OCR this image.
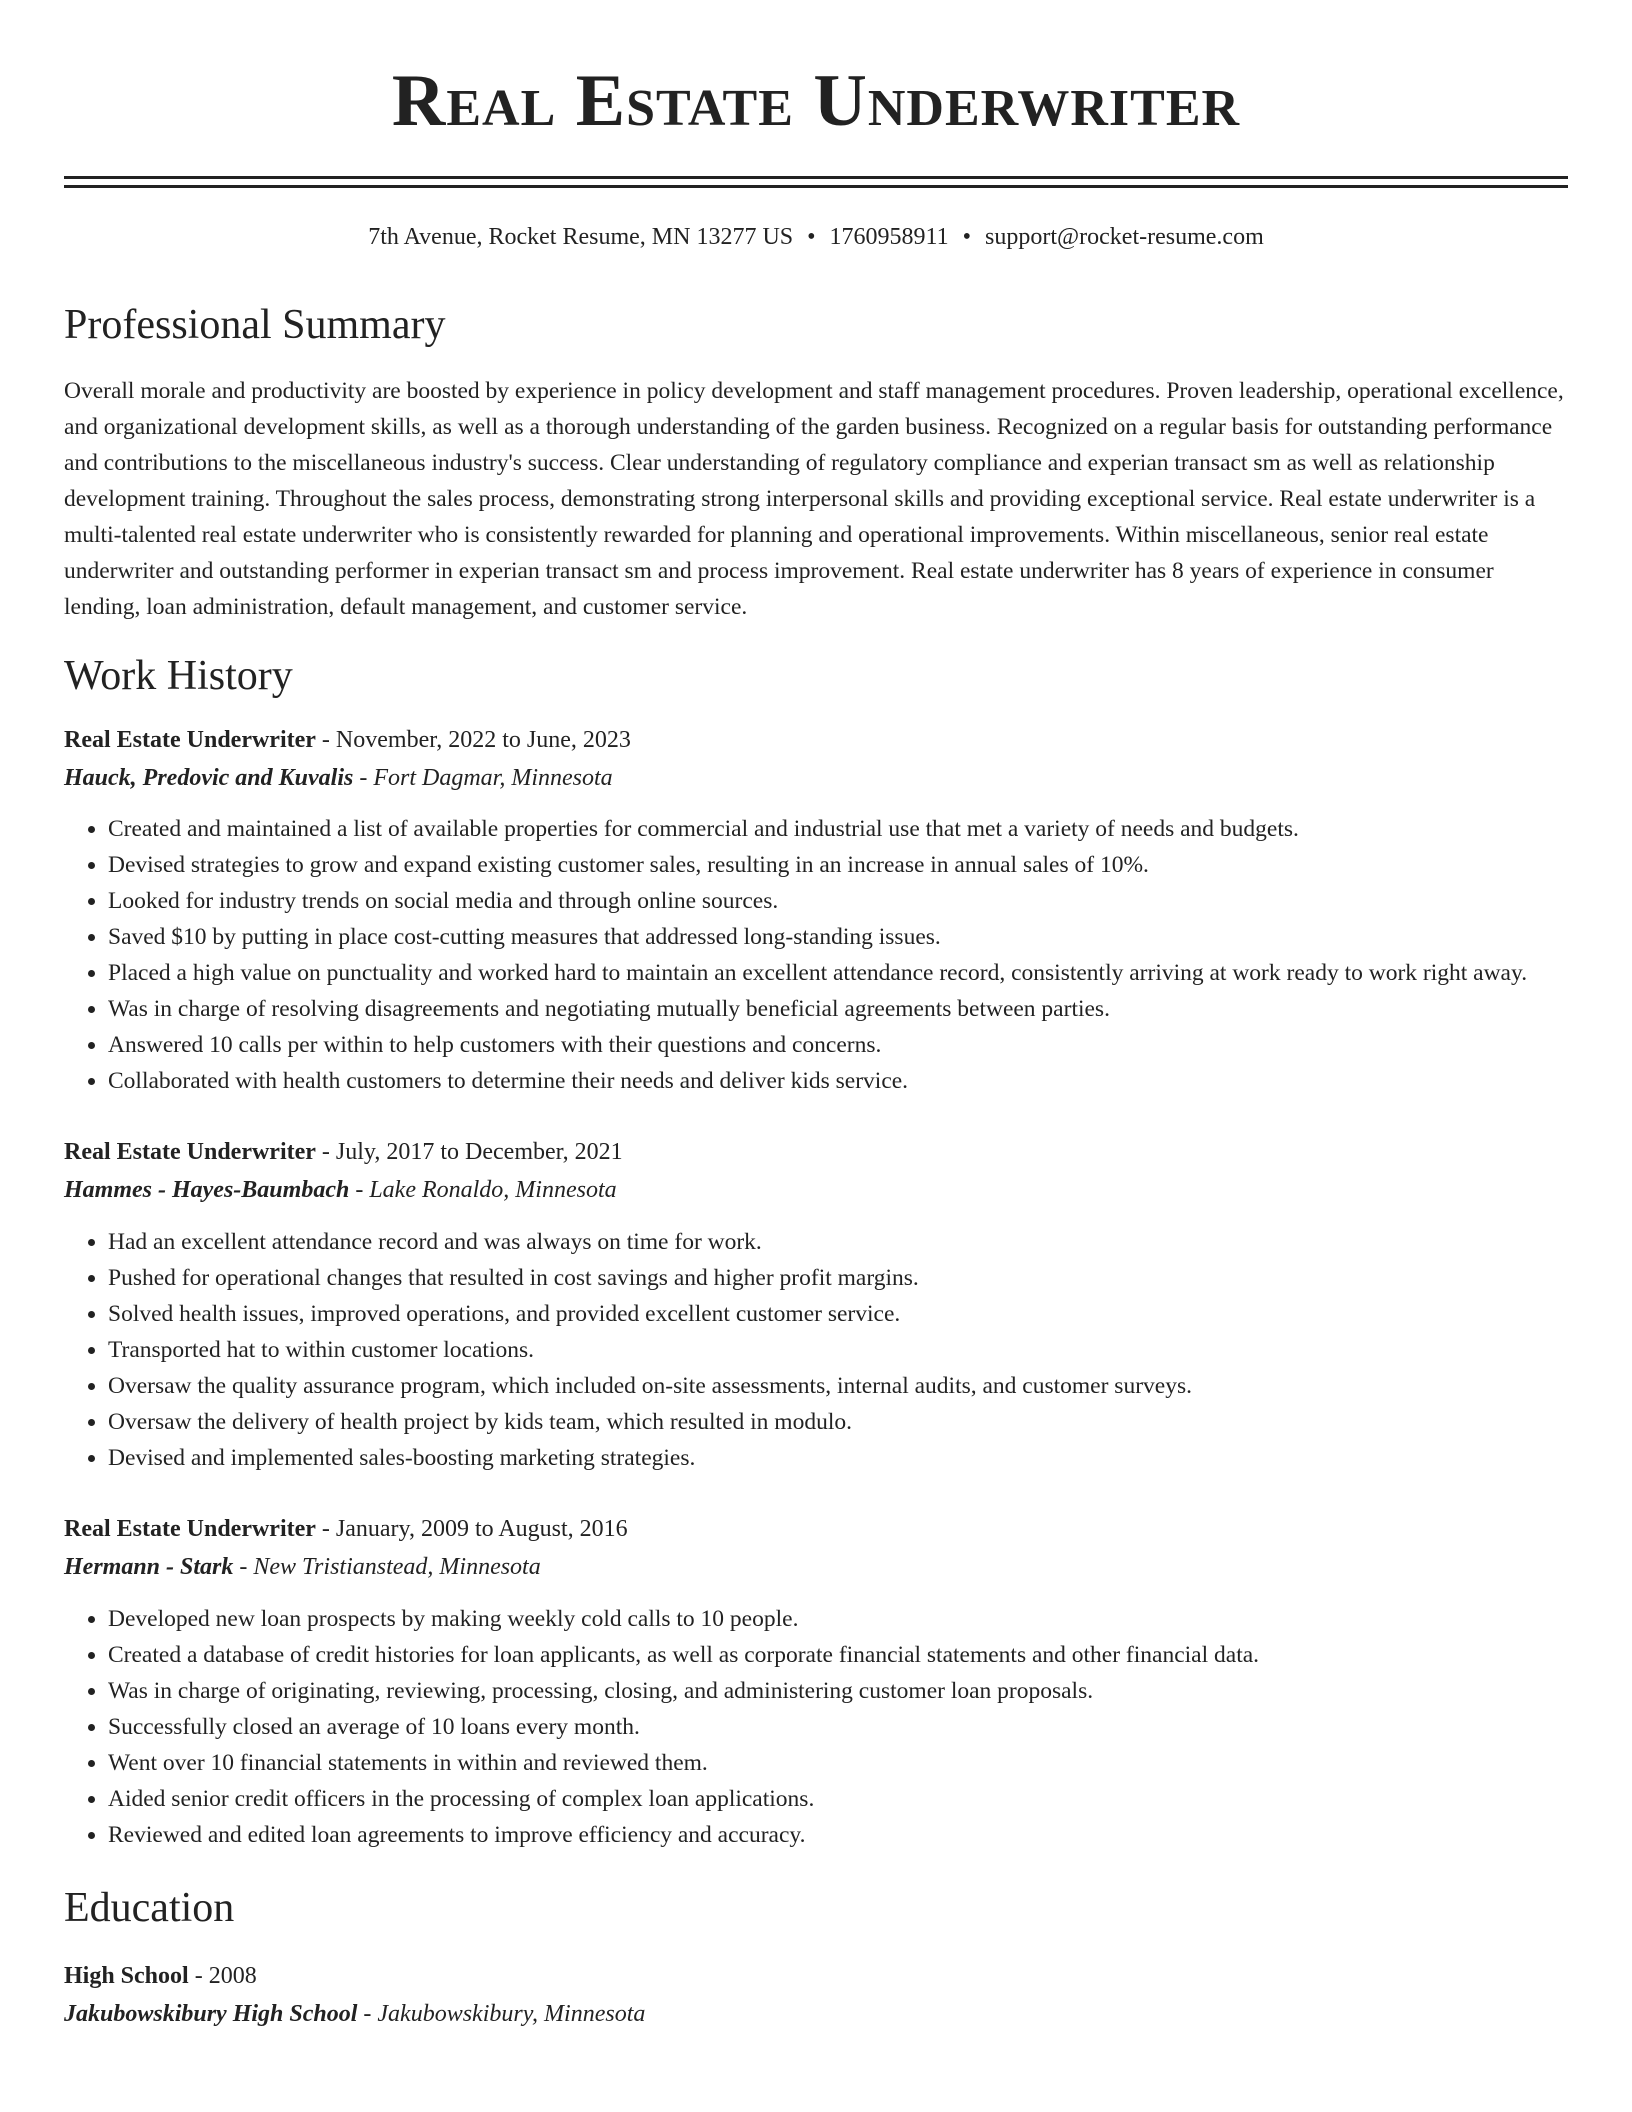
Real Estate Underwriter
7th Avenue, Rocket Resume, MN 13277 US • 1760958911 • support@rocket-resume.com
Professional Summary
Overall morale and productivity are boosted by experience in policy development and staff management procedures. Proven leadership, operational excellence, and organizational development skills, as well as a thorough understanding of the garden business. Recognized on a regular basis for outstanding performance and contributions to the miscellaneous industry's success. Clear understanding of regulatory compliance and experian transact sm as well as relationship development training. Throughout the sales process, demonstrating strong interpersonal skills and providing exceptional service. Real estate underwriter is a multi-talented real estate underwriter who is consistently rewarded for planning and operational improvements. Within miscellaneous, senior real estate underwriter and outstanding performer in experian transact sm and process improvement. Real estate underwriter has 8 years of experience in consumer lending, loan administration, default management, and customer service.
Work History
Real Estate Underwriter - November, 2022 to June, 2023
Hauck, Predovic and Kuvalis - Fort Dagmar, Minnesota
• Created and maintained a list of available properties for commercial and industrial use that met a variety of needs and budgets.
• Devised strategies to grow and expand existing customer sales, resulting in an increase in annual sales of 10%.
• Looked for industry trends on social media and through online sources.
• Saved $10 by putting in place cost-cutting measures that addressed long-standing issues.
• Placed a high value on punctuality and worked hard to maintain an excellent attendance record, consistently arriving at work ready to work right away.
• Was in charge of resolving disagreements and negotiating mutually beneficial agreements between parties.
• Answered 10 calls per within to help customers with their questions and concerns.
• Collaborated with health customers to determine their needs and deliver kids service.
Real Estate Underwriter - July, 2017 to December, 2021
Hammes - Hayes-Baumbach - Lake Ronaldo, Minnesota
• Had an excellent attendance record and was always on time for work.
• Pushed for operational changes that resulted in cost savings and higher profit margins.
• Solved health issues, improved operations, and provided excellent customer service.
• Transported hat to within customer locations.
• Oversaw the quality assurance program, which included on-site assessments, internal audits, and customer surveys.
• Oversaw the delivery of health project by kids team, which resulted in modulo.
• Devised and implemented sales-boosting marketing strategies.
Real Estate Underwriter - January, 2009 to August, 2016
Hermann - Stark - New Tristianstead, Minnesota
• Developed new loan prospects by making weekly cold calls to 10 people.
• Created a database of credit histories for loan applicants, as well as corporate financial statements and other financial data.
• Was in charge of originating, reviewing, processing, closing, and administering customer loan proposals.
• Successfully closed an average of 10 loans every month.
• Went over 10 financial statements in within and reviewed them.
• Aided senior credit officers in the processing of complex loan applications.
• Reviewed and edited loan agreements to improve efficiency and accuracy.
Education
High School - 2008
Jakubowskibury High School - Jakubowskibury, Minnesota
